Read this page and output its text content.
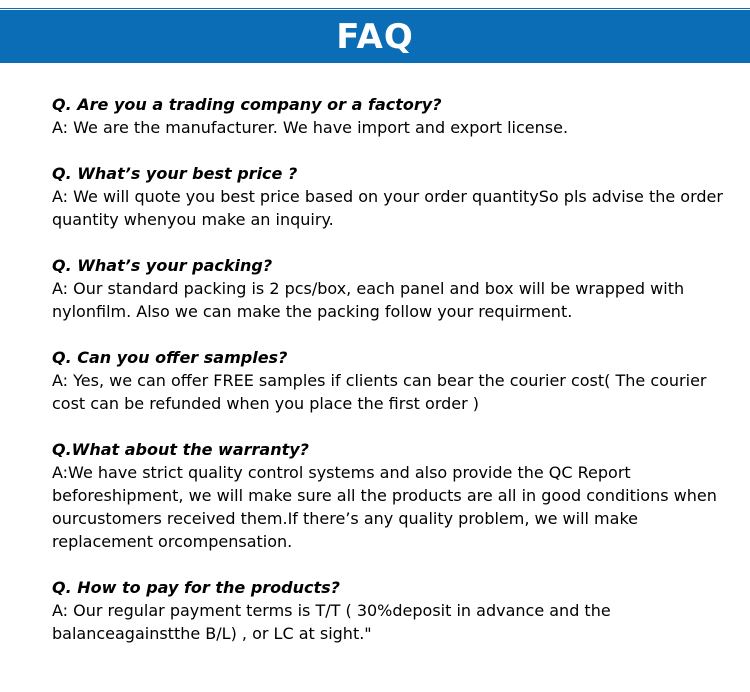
FAQ

Q. Are you a trading company or a factory?

A: We are the manufacturer. We have import and export license.

Q. What’s your best price ?

A: We will quote you best price based on your order quantitySo pls advise the order quantity whenyou make an inquiry.

Q. What’s your packing?

A: Our standard packing is 2 pcs/box, each panel and box will be wrapped with nylonfilm. Also we can make the packing follow your requirment.

Q. Can you offer samples?

A: Yes, we can offer FREE samples if clients can bear the courier cost( The courier cost can be refunded when you place the first order )

Q.What about the warranty?

A:We have strict quality control systems and also provide the QC Report beforeshipment, we will make sure all the products are all in good conditions when ourcustomers received them.If there’s any quality problem, we will make replacement orcompensation.

Q. How to pay for the products?

A: Our regular payment terms is T/T ( 30%deposit in advance and the balanceagainstthe B/L) , or LC at sight."
